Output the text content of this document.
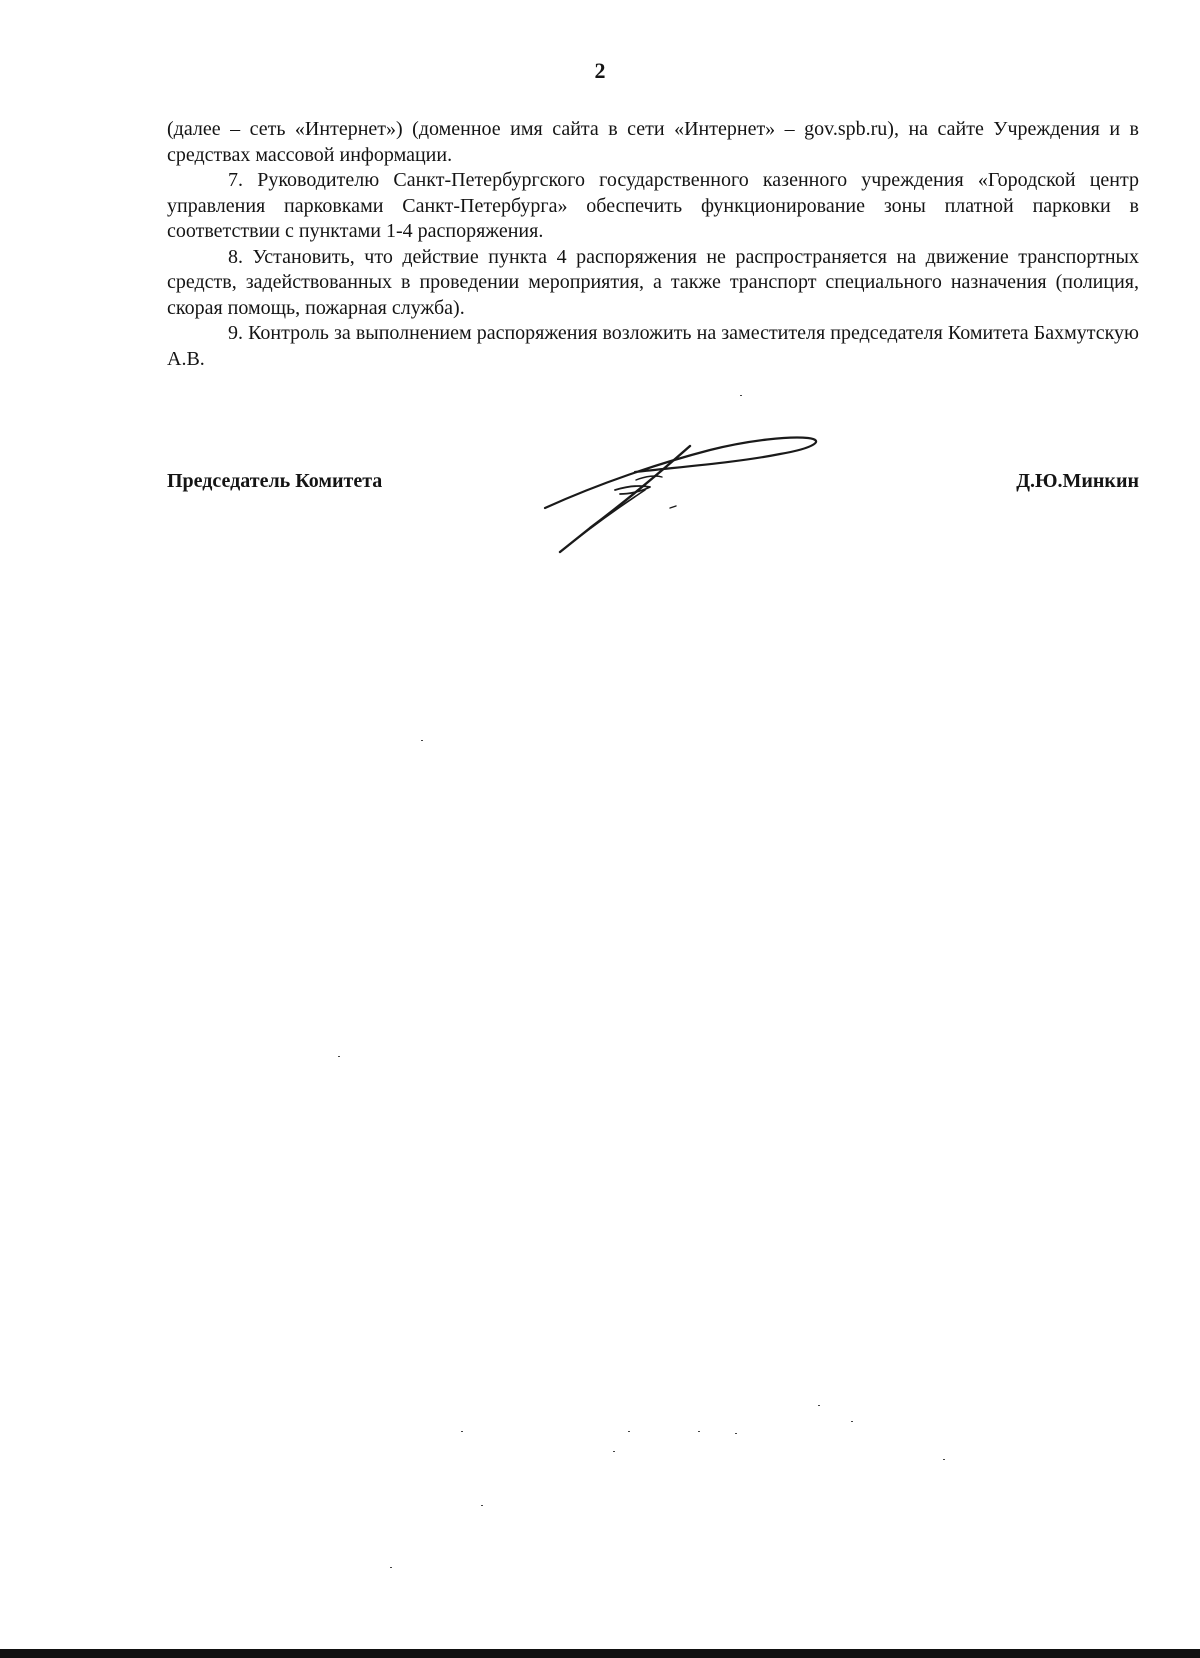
2

(далее – сеть «Интернет») (доменное имя сайта в сети «Интернет» – gov.spb.ru), на сайте Учреждения и в средствах массовой информации.

7. Руководителю Санкт-Петербургского государственного казенного учреждения «Городской центр управления парковками Санкт-Петербурга» обеспечить функционирование зоны платной парковки в соответствии с пунктами 1-4 распоряжения.

8. Установить, что действие пункта 4 распоряжения не распространяется на движение транспортных средств, задействованных в проведении мероприятия, а также транспорт специального назначения (полиция, скорая помощь, пожарная служба).

9. Контроль за выполнением распоряжения возложить на заместителя председателя Комитета Бахмутскую А.В.

Председатель Комитета	Д.Ю.Минкин
